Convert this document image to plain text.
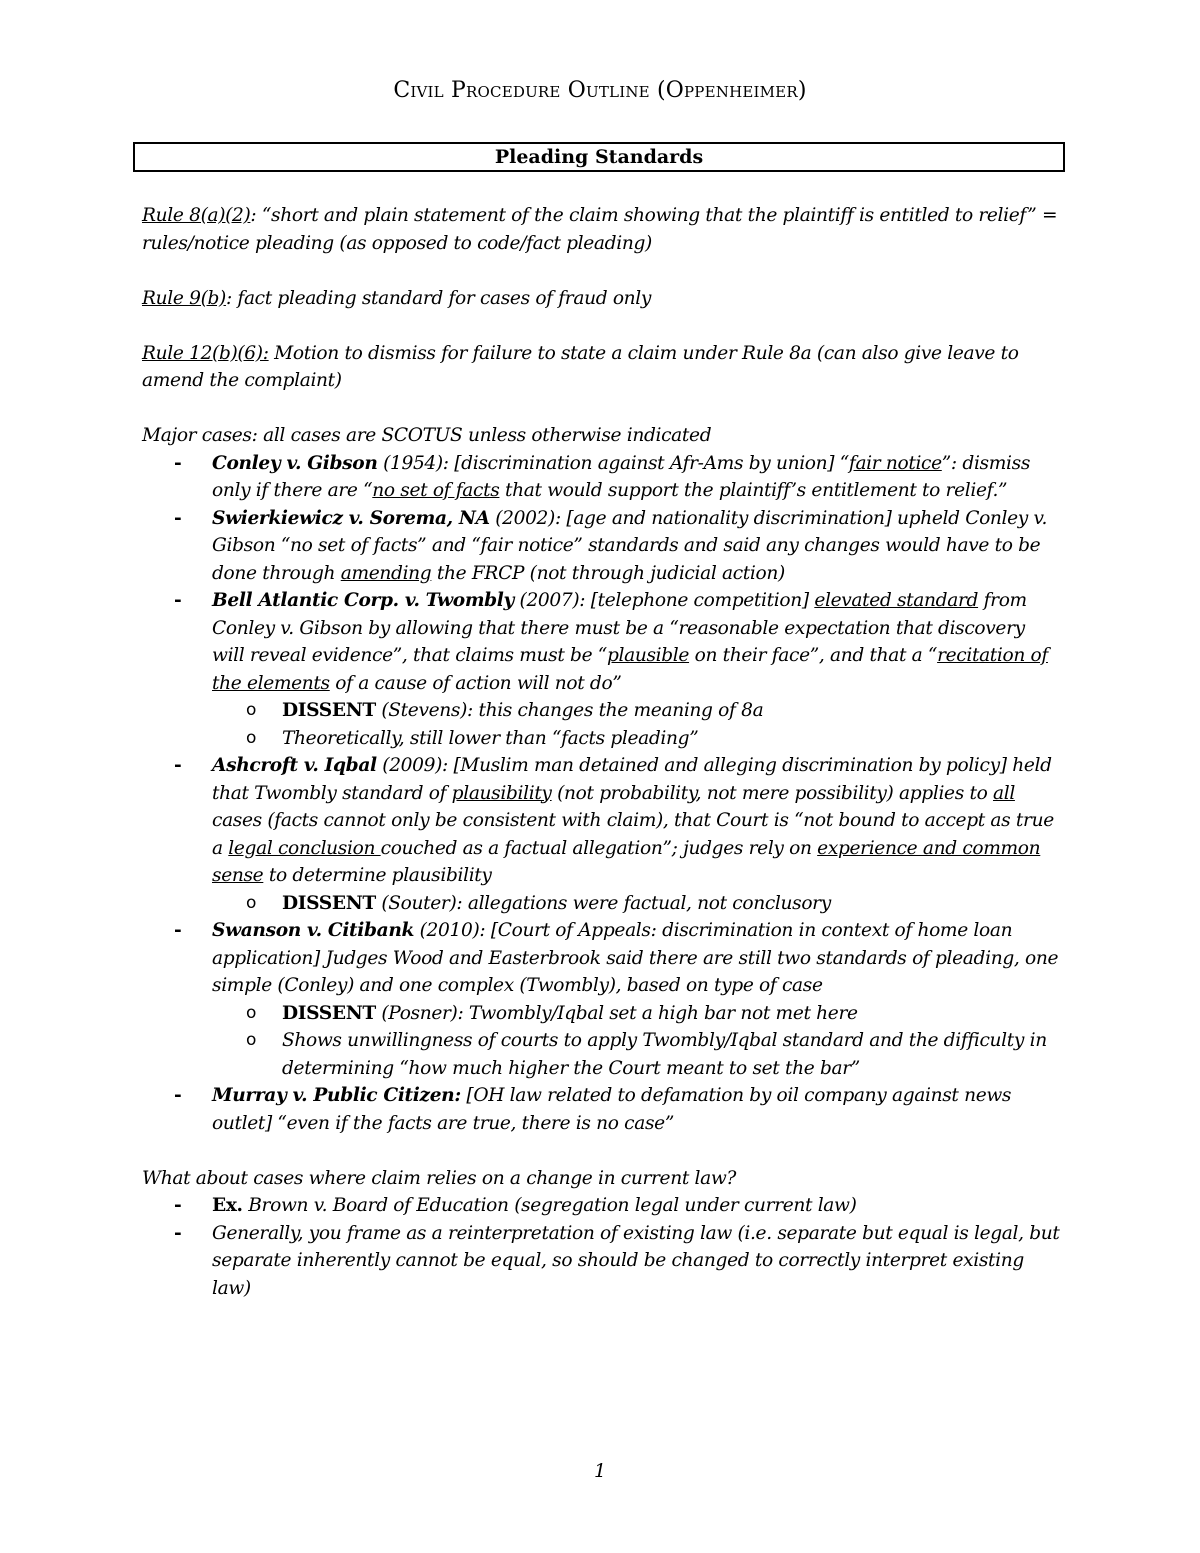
Civil Procedure Outline (Oppenheimer)
Pleading Standards

Rule 8(a)(2): “short and plain statement of the claim showing that the plaintiff is entitled to relief” = rules/notice pleading (as opposed to code/fact pleading)

Rule 9(b): fact pleading standard for cases of fraud only

Rule 12(b)(6): Motion to dismiss for failure to state a claim under Rule 8a (can also give leave to amend the complaint)

Major cases: all cases are SCOTUS unless otherwise indicated

- Conley v. Gibson (1954): [discrimination against Afr-Ams by union] “fair notice”: dismiss only if there are “no set of facts that would support the plaintiff’s entitlement to relief.”
- Swierkiewicz v. Sorema, NA (2002): [age and nationality discrimination] upheld Conley v. Gibson “no set of facts” and “fair notice” standards and said any changes would have to be done through amending the FRCP (not through judicial action)
- Bell Atlantic Corp. v. Twombly (2007): [telephone competition] elevated standard from Conley v. Gibson by allowing that there must be a “reasonable expectation that discovery will reveal evidence”, that claims must be “plausible on their face”, and that a “recitation of the elements of a cause of action will not do”
o DISSENT (Stevens): this changes the meaning of 8a
o Theoretically, still lower than “facts pleading”
- Ashcroft v. Iqbal (2009): [Muslim man detained and alleging discrimination by policy] held that Twombly standard of plausibility (not probability, not mere possibility) applies to all cases (facts cannot only be consistent with claim), that Court is “not bound to accept as true a legal conclusion couched as a factual allegation”; judges rely on experience and common sense to determine plausibility
o DISSENT (Souter): allegations were factual, not conclusory
- Swanson v. Citibank (2010): [Court of Appeals: discrimination in context of home loan application] Judges Wood and Easterbrook said there are still two standards of pleading, one simple (Conley) and one complex (Twombly), based on type of case
o DISSENT (Posner): Twombly/Iqbal set a high bar not met here
o Shows unwillingness of courts to apply Twombly/Iqbal standard and the difficulty in determining “how much higher the Court meant to set the bar”
- Murray v. Public Citizen: [OH law related to defamation by oil company against news outlet] “even if the facts are true, there is no case”

What about cases where claim relies on a change in current law?

- Ex. Brown v. Board of Education (segregation legal under current law)
- Generally, you frame as a reinterpretation of existing law (i.e. separate but equal is legal, but separate inherently cannot be equal, so should be changed to correctly interpret existing law)
1
